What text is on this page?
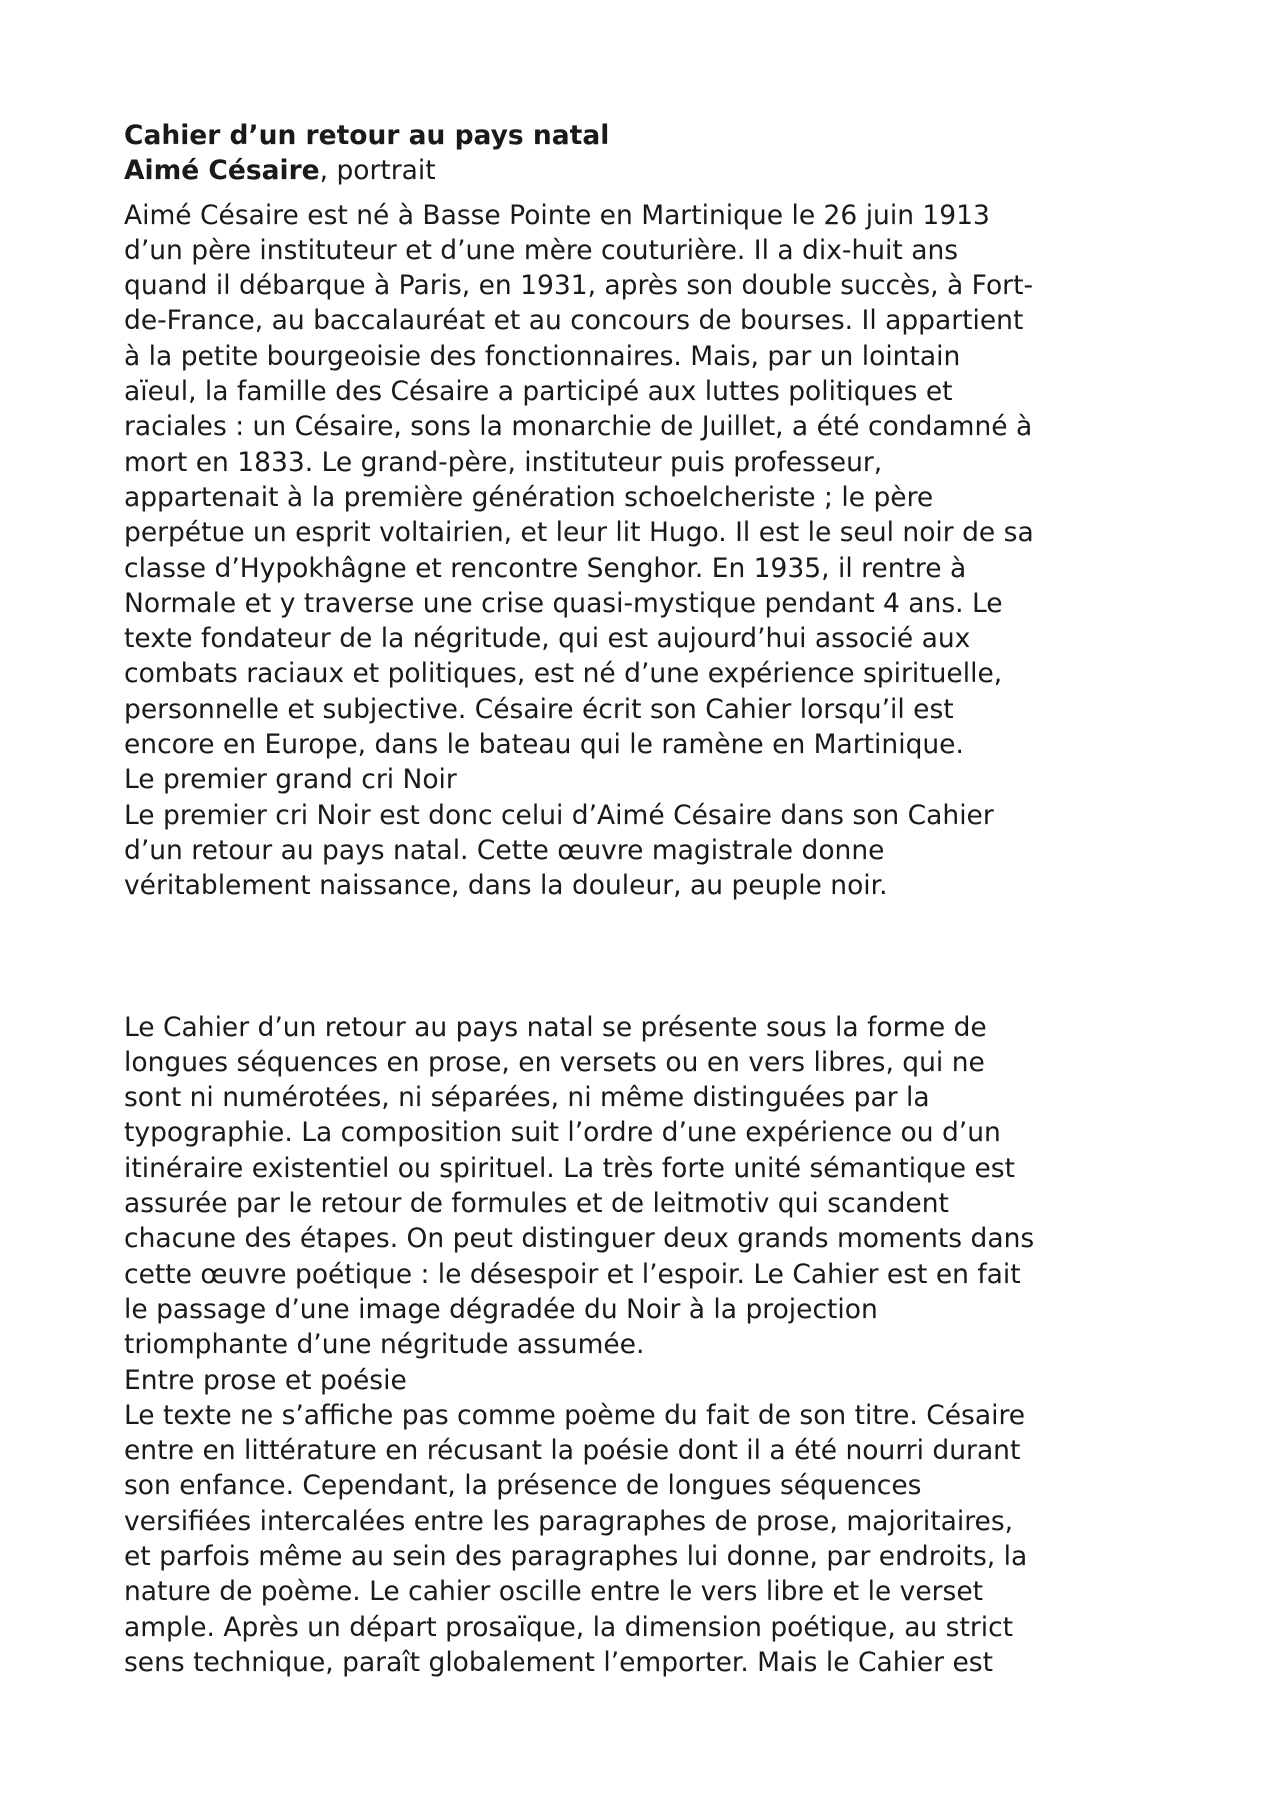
Cahier d’un retour au pays natal
Aimé Césaire, portrait
Aimé Césaire est né à Basse Pointe en Martinique le 26 juin 1913
d’un père instituteur et d’une mère couturière. Il a dix-huit ans
quand il débarque à Paris, en 1931, après son double succès, à Fort-
de-France, au baccalauréat et au concours de bourses. Il appartient
à la petite bourgeoisie des fonctionnaires. Mais, par un lointain
aïeul, la famille des Césaire a participé aux luttes politiques et
raciales : un Césaire, sons la monarchie de Juillet, a été condamné à
mort en 1833. Le grand-père, instituteur puis professeur,
appartenait à la première génération schoelcheriste ; le père
perpétue un esprit voltairien, et leur lit Hugo. Il est le seul noir de sa
classe d’Hypokhâgne et rencontre Senghor. En 1935, il rentre à
Normale et y traverse une crise quasi-mystique pendant 4 ans. Le
texte fondateur de la négritude, qui est aujourd’hui associé aux
combats raciaux et politiques, est né d’une expérience spirituelle,
personnelle et subjective. Césaire écrit son Cahier lorsqu’il est
encore en Europe, dans le bateau qui le ramène en Martinique.
Le premier grand cri Noir
Le premier cri Noir est donc celui d’Aimé Césaire dans son Cahier
d’un retour au pays natal. Cette œuvre magistrale donne
véritablement naissance, dans la douleur, au peuple noir.
Le Cahier d’un retour au pays natal se présente sous la forme de
longues séquences en prose, en versets ou en vers libres, qui ne
sont ni numérotées, ni séparées, ni même distinguées par la
typographie. La composition suit l’ordre d’une expérience ou d’un
itinéraire existentiel ou spirituel. La très forte unité sémantique est
assurée par le retour de formules et de leitmotiv qui scandent
chacune des étapes. On peut distinguer deux grands moments dans
cette œuvre poétique : le désespoir et l’espoir. Le Cahier est en fait
le passage d’une image dégradée du Noir à la projection
triomphante d’une négritude assumée.
Entre prose et poésie
Le texte ne s’affiche pas comme poème du fait de son titre. Césaire
entre en littérature en récusant la poésie dont il a été nourri durant
son enfance. Cependant, la présence de longues séquences
versifiées intercalées entre les paragraphes de prose, majoritaires,
et parfois même au sein des paragraphes lui donne, par endroits, la
nature de poème. Le cahier oscille entre le vers libre et le verset
ample. Après un départ prosaïque, la dimension poétique, au strict
sens technique, paraît globalement l’emporter. Mais le Cahier est
